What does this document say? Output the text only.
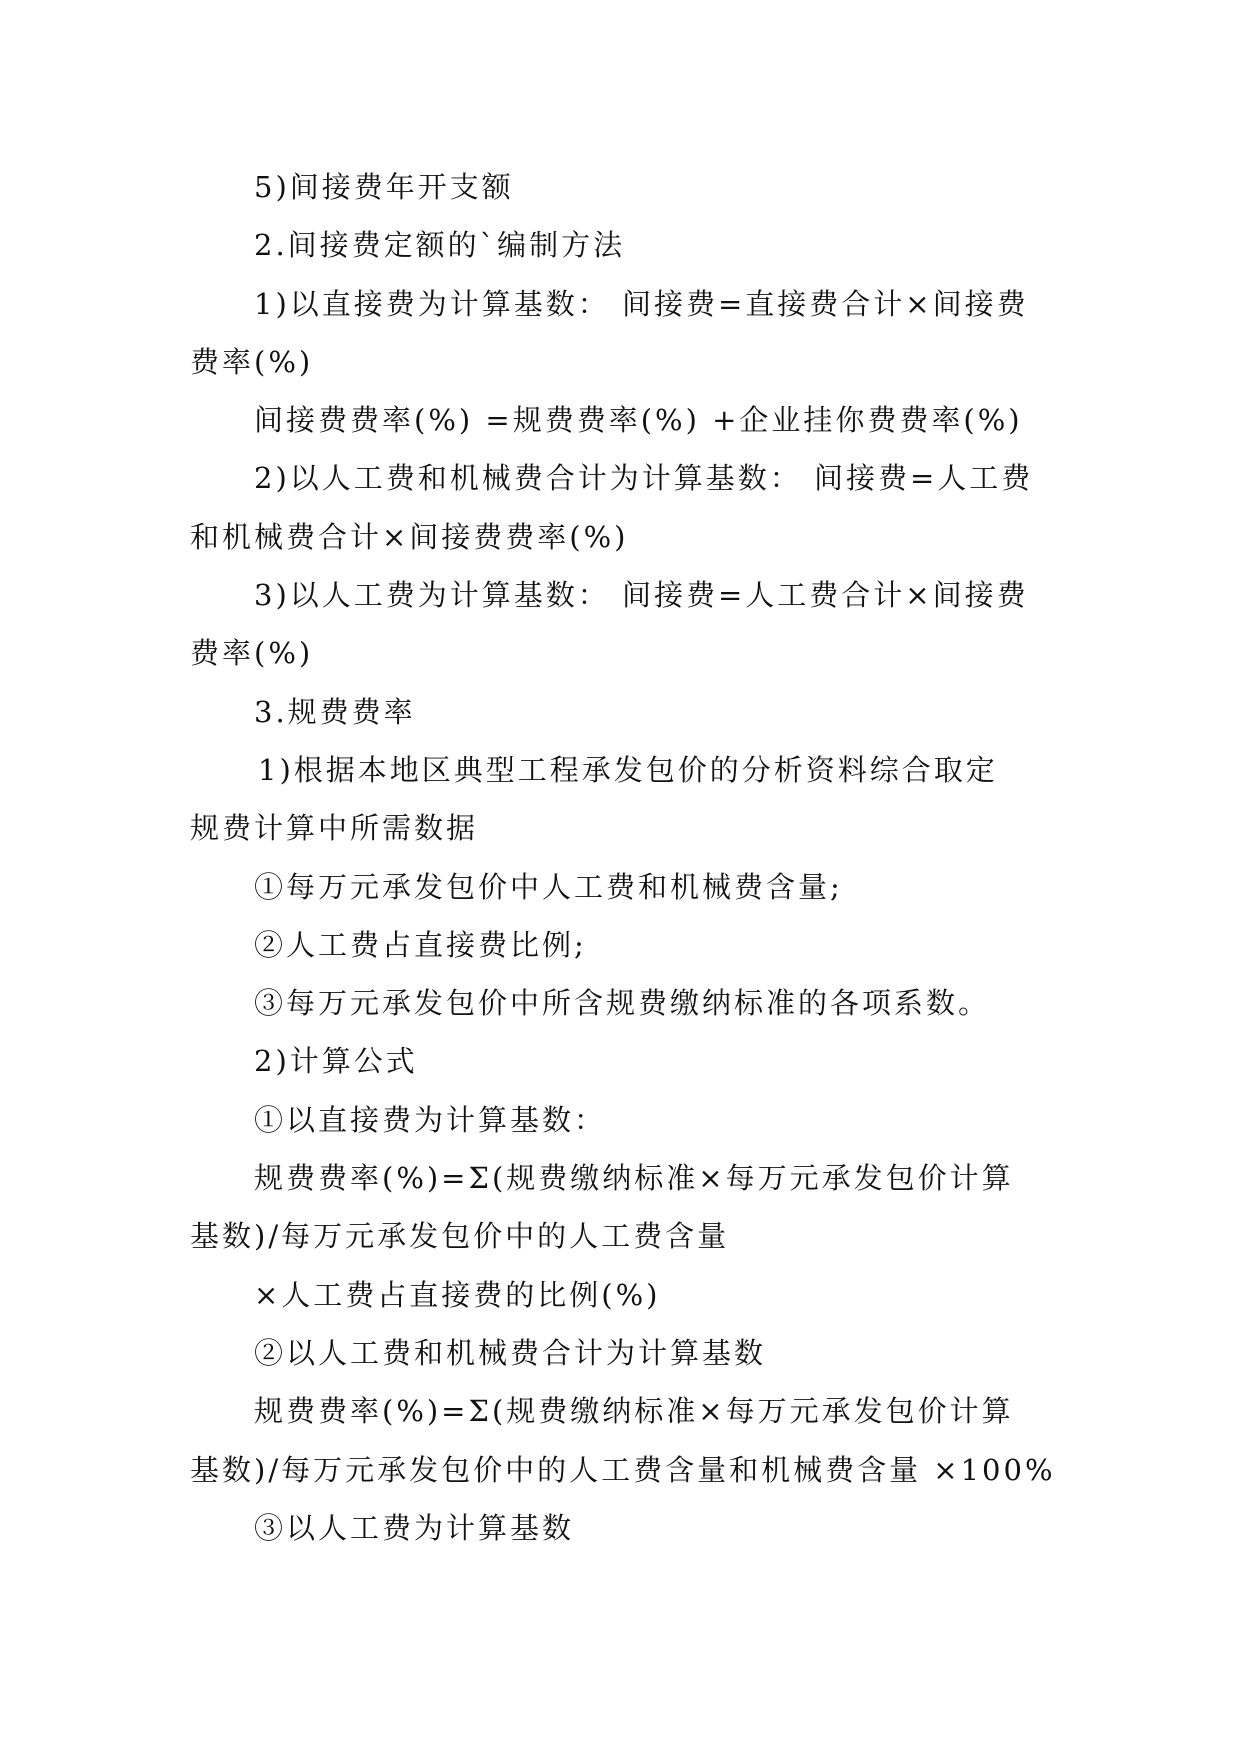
5)间接费年开支额

2.间接费定额的`编制方法

1)以直接费为计算基数： 间接费=直接费合计×间接费

费率(%)

间接费费率(%) =规费费率(%) +企业挂你费费率(%)

2)以人工费和机械费合计为计算基数： 间接费=人工费

和机械费合计×间接费费率(%)

3)以人工费为计算基数： 间接费=人工费合计×间接费

费率(%)

3.规费费率

1)根据本地区典型工程承发包价的分析资料综合取定

规费计算中所需数据

①每万元承发包价中人工费和机械费含量;

②人工费占直接费比例;

③每万元承发包价中所含规费缴纳标准的各项系数。

2)计算公式

①以直接费为计算基数：

规费费率(%)=Σ(规费缴纳标准×每万元承发包价计算

基数)/每万元承发包价中的人工费含量

×人工费占直接费的比例(%)

②以人工费和机械费合计为计算基数

规费费率(%)=Σ(规费缴纳标准×每万元承发包价计算

基数)/每万元承发包价中的人工费含量和机械费含量 ×100%

③以人工费为计算基数
